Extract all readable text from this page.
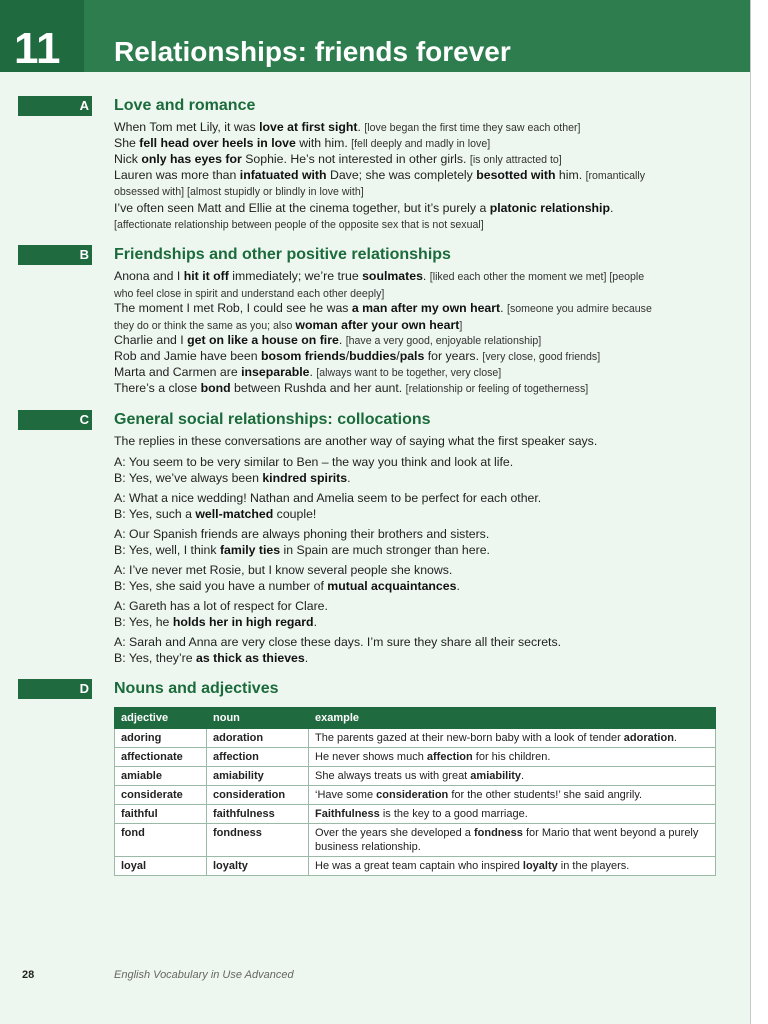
11 Relationships: friends forever
A Love and romance
When Tom met Lily, it was love at first sight. [love began the first time they saw each other]
She fell head over heels in love with him. [fell deeply and madly in love]
Nick only has eyes for Sophie. He’s not interested in other girls. [is only attracted to]
Lauren was more than infatuated with Dave; she was completely besotted with him. [romantically
obsessed with] [almost stupidly or blindly in love with]
I’ve often seen Matt and Ellie at the cinema together, but it’s purely a platonic relationship.
[affectionate relationship between people of the opposite sex that is not sexual]
B Friendships and other positive relationships
Anona and I hit it off immediately; we’re true soulmates. [liked each other the moment we met] [people
who feel close in spirit and understand each other deeply]
The moment I met Rob, I could see he was a man after my own heart. [someone you admire because
they do or think the same as you; also woman after your own heart]
Charlie and I get on like a house on fire. [have a very good, enjoyable relationship]
Rob and Jamie have been bosom friends/buddies/pals for years. [very close, good friends]
Marta and Carmen are inseparable. [always want to be together, very close]
There’s a close bond between Rushda and her aunt. [relationship or feeling of togetherness]
C General social relationships: collocations
The replies in these conversations are another way of saying what the first speaker says.
A: You seem to be very similar to Ben – the way you think and look at life.
B: Yes, we’ve always been kindred spirits.
A: What a nice wedding! Nathan and Amelia seem to be perfect for each other.
B: Yes, such a well-matched couple!
A: Our Spanish friends are always phoning their brothers and sisters.
B: Yes, well, I think family ties in Spain are much stronger than here.
A: I’ve never met Rosie, but I know several people she knows.
B: Yes, she said you have a number of mutual acquaintances.
A: Gareth has a lot of respect for Clare.
B: Yes, he holds her in high regard.
A: Sarah and Anna are very close these days. I’m sure they share all their secrets.
B: Yes, they’re as thick as thieves.
D Nouns and adjectives
adjective	noun	example
adoring	adoration	The parents gazed at their new-born baby with a look of tender adoration.
affectionate	affection	He never shows much affection for his children.
amiable	amiability	She always treats us with great amiability.
considerate	consideration	‘Have some consideration for the other students!’ she said angrily.
faithful	faithfulness	Faithfulness is the key to a good marriage.
fond	fondness	Over the years she developed a fondness for Mario that went beyond a purely business relationship.
loyal	loyalty	He was a great team captain who inspired loyalty in the players.
28	English Vocabulary in Use Advanced
